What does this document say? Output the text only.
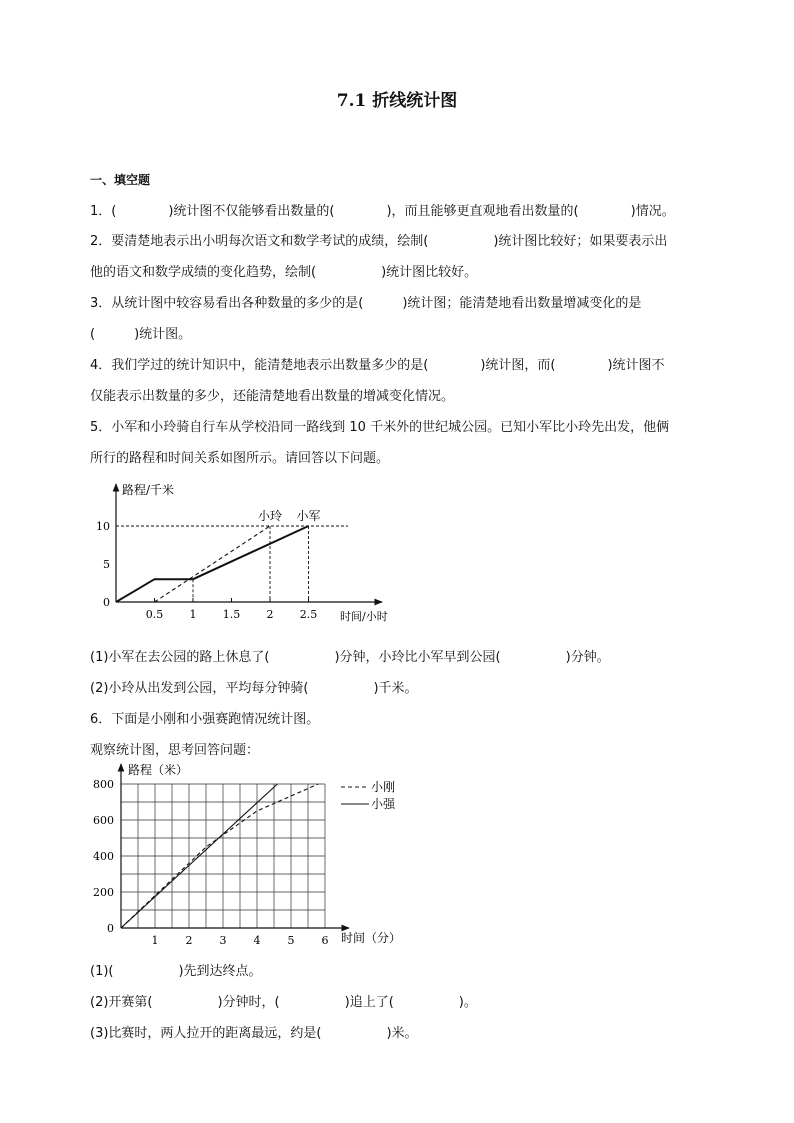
7.1 折线统计图
一、填空题
1．(　　　　)统计图不仅能够看出数量的(　　　　)，而且能够更直观地看出数量的(　　　　)情况。
2．要清楚地表示出小明每次语文和数学考试的成绩，绘制(　　　　　)统计图比较好；如果要表示出
他的语文和数学成绩的变化趋势，绘制(　　　　　)统计图比较好。
3．从统计图中较容易看出各种数量的多少的是(　　　)统计图；能清楚地看出数量增减变化的是
(　　　)统计图。
4．我们学过的统计知识中，能清楚地表示出数量多少的是(　　　　)统计图，而(　　　　)统计图不
仅能表示出数量的多少，还能清楚地看出数量的增减变化情况。
5．小军和小玲骑自行车从学校沿同一路线到 10 千米外的世纪城公园。已知小军比小玲先出发，他俩
所行的路程和时间关系如图所示。请回答以下问题。
路程/千米
时间/小时
0
5
10
0.5 1 1.5 2 2.5
小玲 小军
(1)小军在去公园的路上休息了(　　　　　)分钟，小玲比小军早到公园(　　　　　)分钟。
(2)小玲从出发到公园，平均每分钟骑(　　　　　)千米。
6．下面是小刚和小强赛跑情况统计图。
观察统计图，思考回答问题：
路程（米）
时间（分）
0
200
400
600
800
1 2 3 4 5 6
小刚
小强
(1)(　　　　　)先到达终点。
(2)开赛第(　　　　　)分钟时，(　　　　　)追上了(　　　　　)。
(3)比赛时，两人拉开的距离最远，约是(　　　　　)米。
